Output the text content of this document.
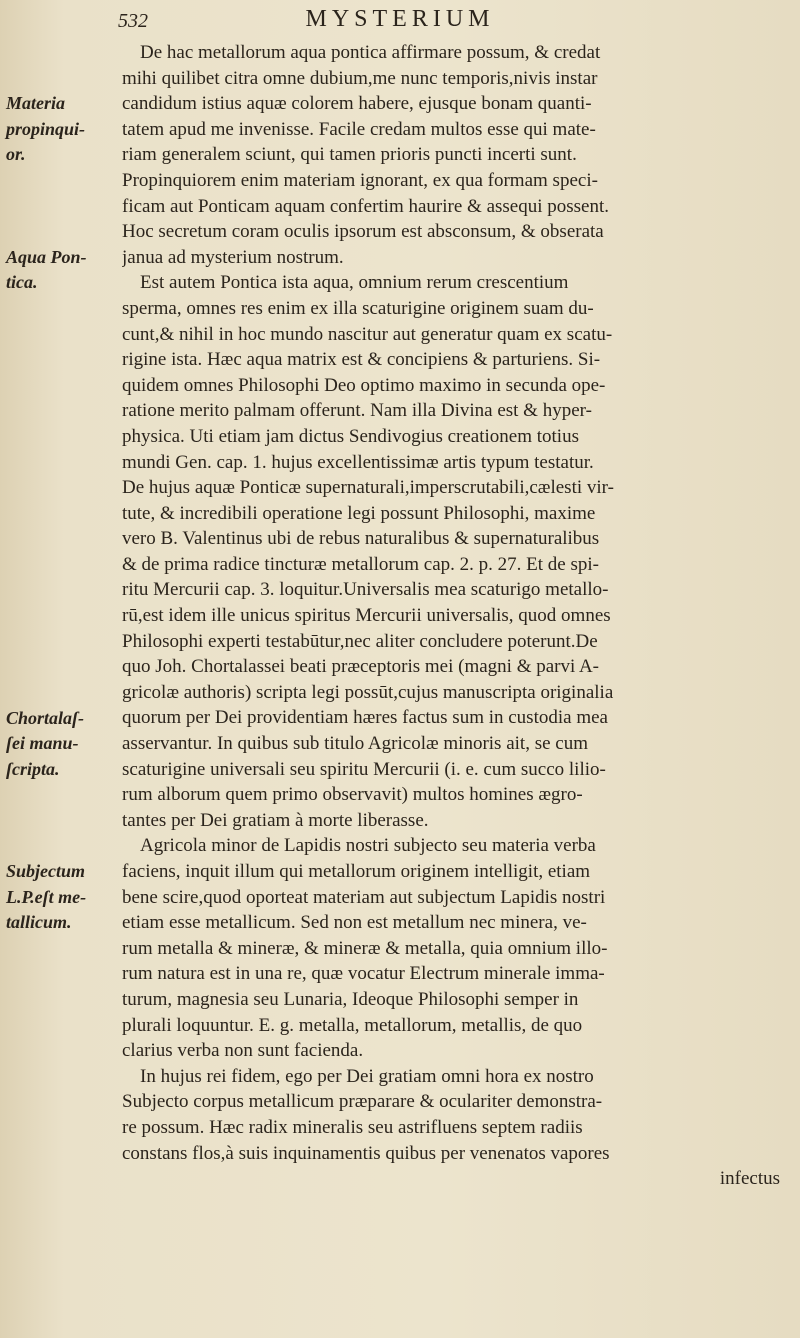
532	MYSTERIUM
De hac metallorum aqua pontica affirmare possum, & credat
mihi quilibet citra omne dubium,me nunc temporis,nivis instar
candidum istius aquæ colorem habere, ejusque bonam quanti-
tatem apud me invenisse. Facile credam multos esse qui mate-
riam generalem sciunt, qui tamen prioris puncti incerti sunt.
Propinquiorem enim materiam ignorant, ex qua formam speci-
ficam aut Ponticam aquam confertim haurire & assequi possent.
Hoc secretum coram oculis ipsorum est absconsum, & obserata
janua ad mysterium nostrum.
Est autem Pontica ista aqua, omnium rerum crescentium
sperma, omnes res enim ex illa scaturigine originem suam du-
cunt,& nihil in hoc mundo nascitur aut generatur quam ex scatu-
rigine ista. Hæc aqua matrix est & concipiens & parturiens. Si-
quidem omnes Philosophi Deo optimo maximo in secunda ope-
ratione merito palmam offerunt. Nam illa Divina est & hyper-
physica. Uti etiam jam dictus Sendivogius creationem totius
mundi Gen. cap. 1. hujus excellentissimæ artis typum testatur.
De hujus aquæ Ponticæ supernaturali,imperscrutabili,cælesti vir-
tute, & incredibili operatione legi possunt Philosophi, maxime
vero B. Valentinus ubi de rebus naturalibus & supernaturalibus
& de prima radice tincturæ metallorum cap. 2. p. 27. Et de spi-
ritu Mercurii cap. 3. loquitur.Universalis mea scaturigo metallo-
rū,est idem ille unicus spiritus Mercurii universalis, quod omnes
Philosophi experti testabūtur,nec aliter concludere poterunt.De
quo Joh. Chortalassei beati præceptoris mei (magni & parvi A-
gricolæ authoris) scripta legi possūt,cujus manuscripta originalia
quorum per Dei providentiam hæres factus sum in custodia mea
asservantur. In quibus sub titulo Agricolæ minoris ait, se cum
scaturigine universali seu spiritu Mercurii (i. e. cum succo lilio-
rum alborum quem primo observavit) multos homines ægro-
tantes per Dei gratiam à morte liberasse.
Agricola minor de Lapidis nostri subjecto seu materia verba
faciens, inquit illum qui metallorum originem intelligit, etiam
bene scire,quod oporteat materiam aut subjectum Lapidis nostri
etiam esse metallicum. Sed non est metallum nec minera, ve-
rum metalla & mineræ, & mineræ & metalla, quia omnium illo-
rum natura est in una re, quæ vocatur Electrum minerale imma-
turum, magnesia seu Lunaria, Ideoque Philosophi semper in
plurali loquuntur. E. g. metalla, metallorum, metallis, de quo
clarius verba non sunt facienda.
In hujus rei fidem, ego per Dei gratiam omni hora ex nostro
Subjecto corpus metallicum præparare & oculariter demonstra-
re possum. Hæc radix mineralis seu astrifluens septem radiis
constans flos,à suis inquinamentis quibus per venenatos vapores
infectus
Materia
propinqui-
or.
Aqua Pon-
tica.
Chortalaſ-
ſei manu-
ſcripta.
Subjectum
L.P.eſt me-
tallicum.
